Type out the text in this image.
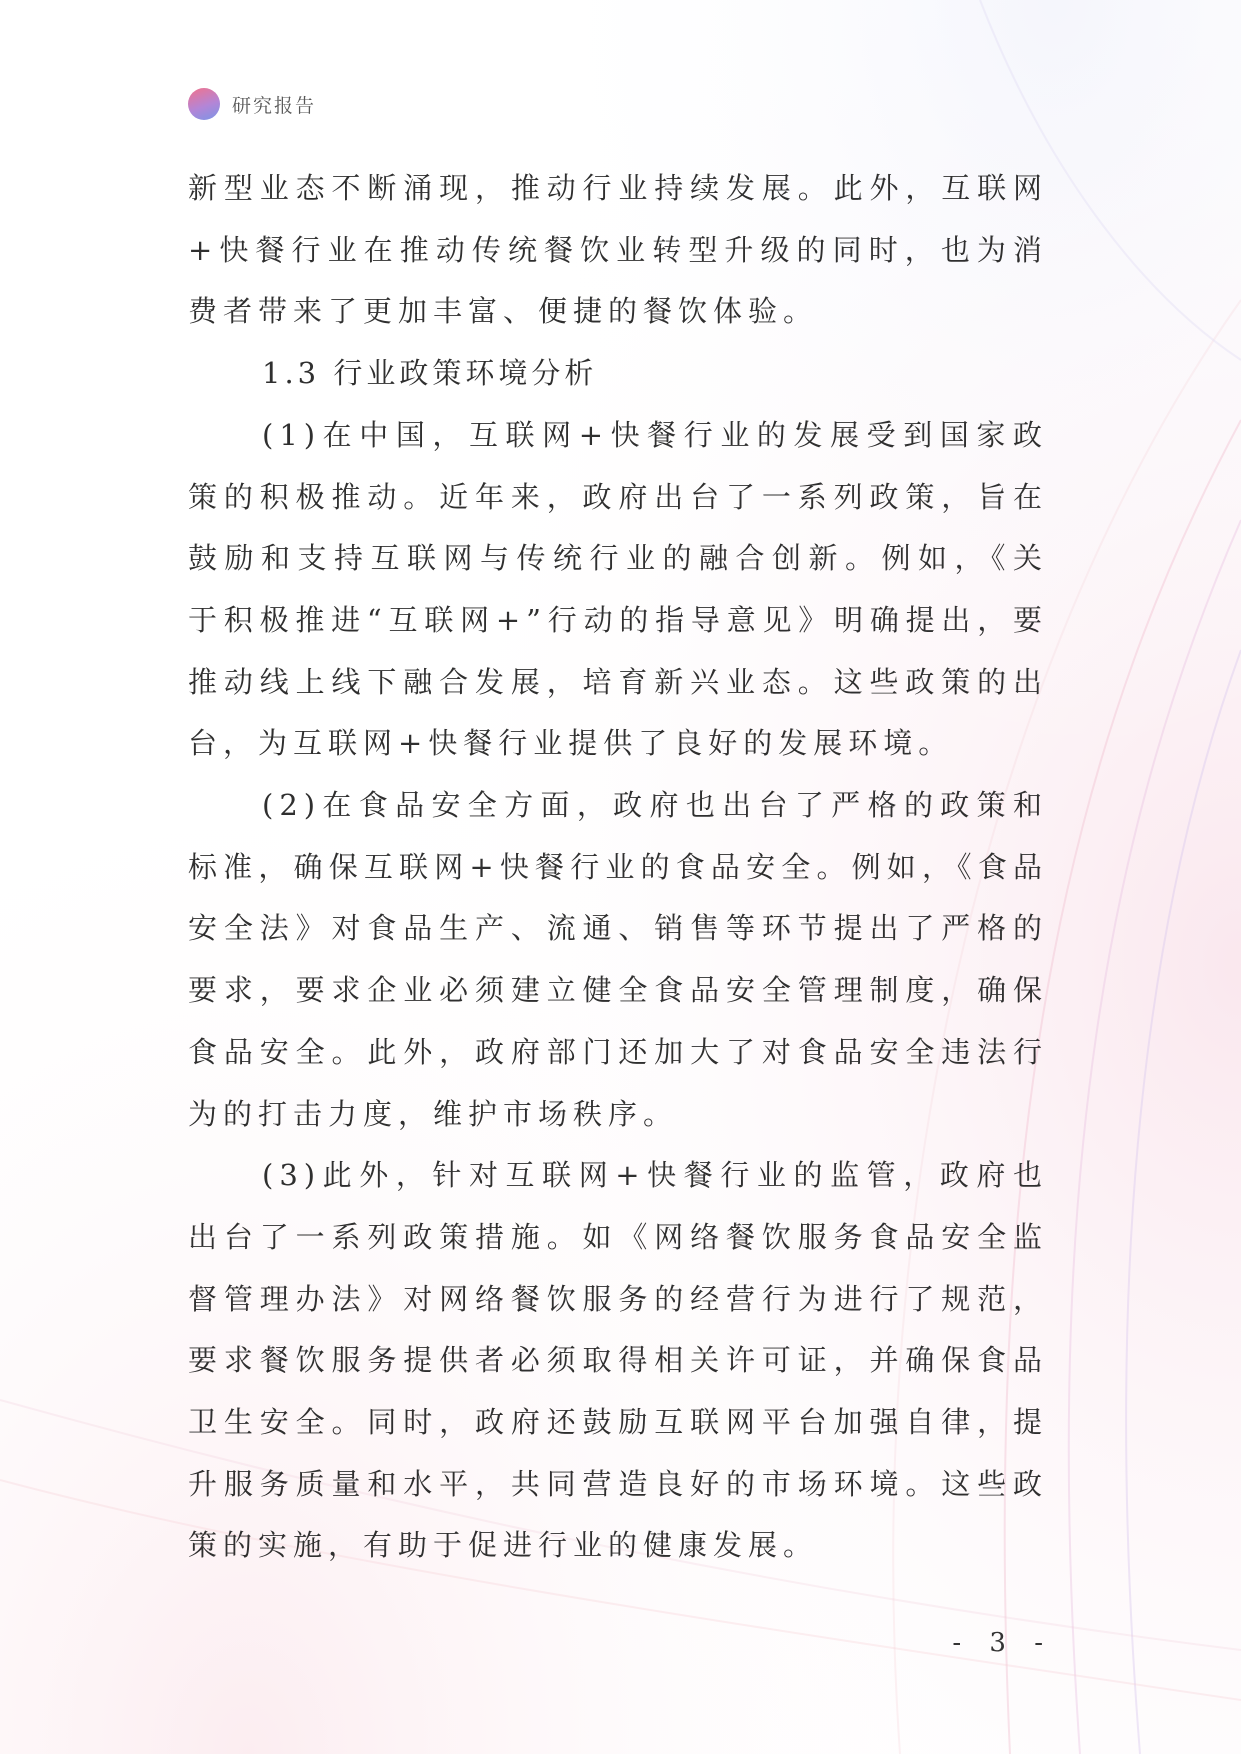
研究报告

新型业态不断涌现，推动行业持续发展。此外，互联网+快餐行业在推动传统餐饮业转型升级的同时，也为消费者带来了更加丰富、便捷的餐饮体验。

1.3 行业政策环境分析

(1)在中国，互联网+快餐行业的发展受到国家政策的积极推动。近年来，政府出台了一系列政策，旨在鼓励和支持互联网与传统行业的融合创新。例如，《关于积极推进“互联网+”行动的指导意见》明确提出，要推动线上线下融合发展，培育新兴业态。这些政策的出台，为互联网+快餐行业提供了良好的发展环境。

(2)在食品安全方面，政府也出台了严格的政策和标准，确保互联网+快餐行业的食品安全。例如，《食品安全法》对食品生产、流通、销售等环节提出了严格的要求，要求企业必须建立健全食品安全管理制度，确保食品安全。此外，政府部门还加大了对食品安全违法行为的打击力度，维护市场秩序。

(3)此外，针对互联网+快餐行业的监管，政府也出台了一系列政策措施。如《网络餐饮服务食品安全监督管理办法》对网络餐饮服务的经营行为进行了规范，要求餐饮服务提供者必须取得相关许可证，并确保食品卫生安全。同时，政府还鼓励互联网平台加强自律，提升服务质量和水平，共同营造良好的市场环境。这些政策的实施，有助于促进行业的健康发展。

- 3 -
